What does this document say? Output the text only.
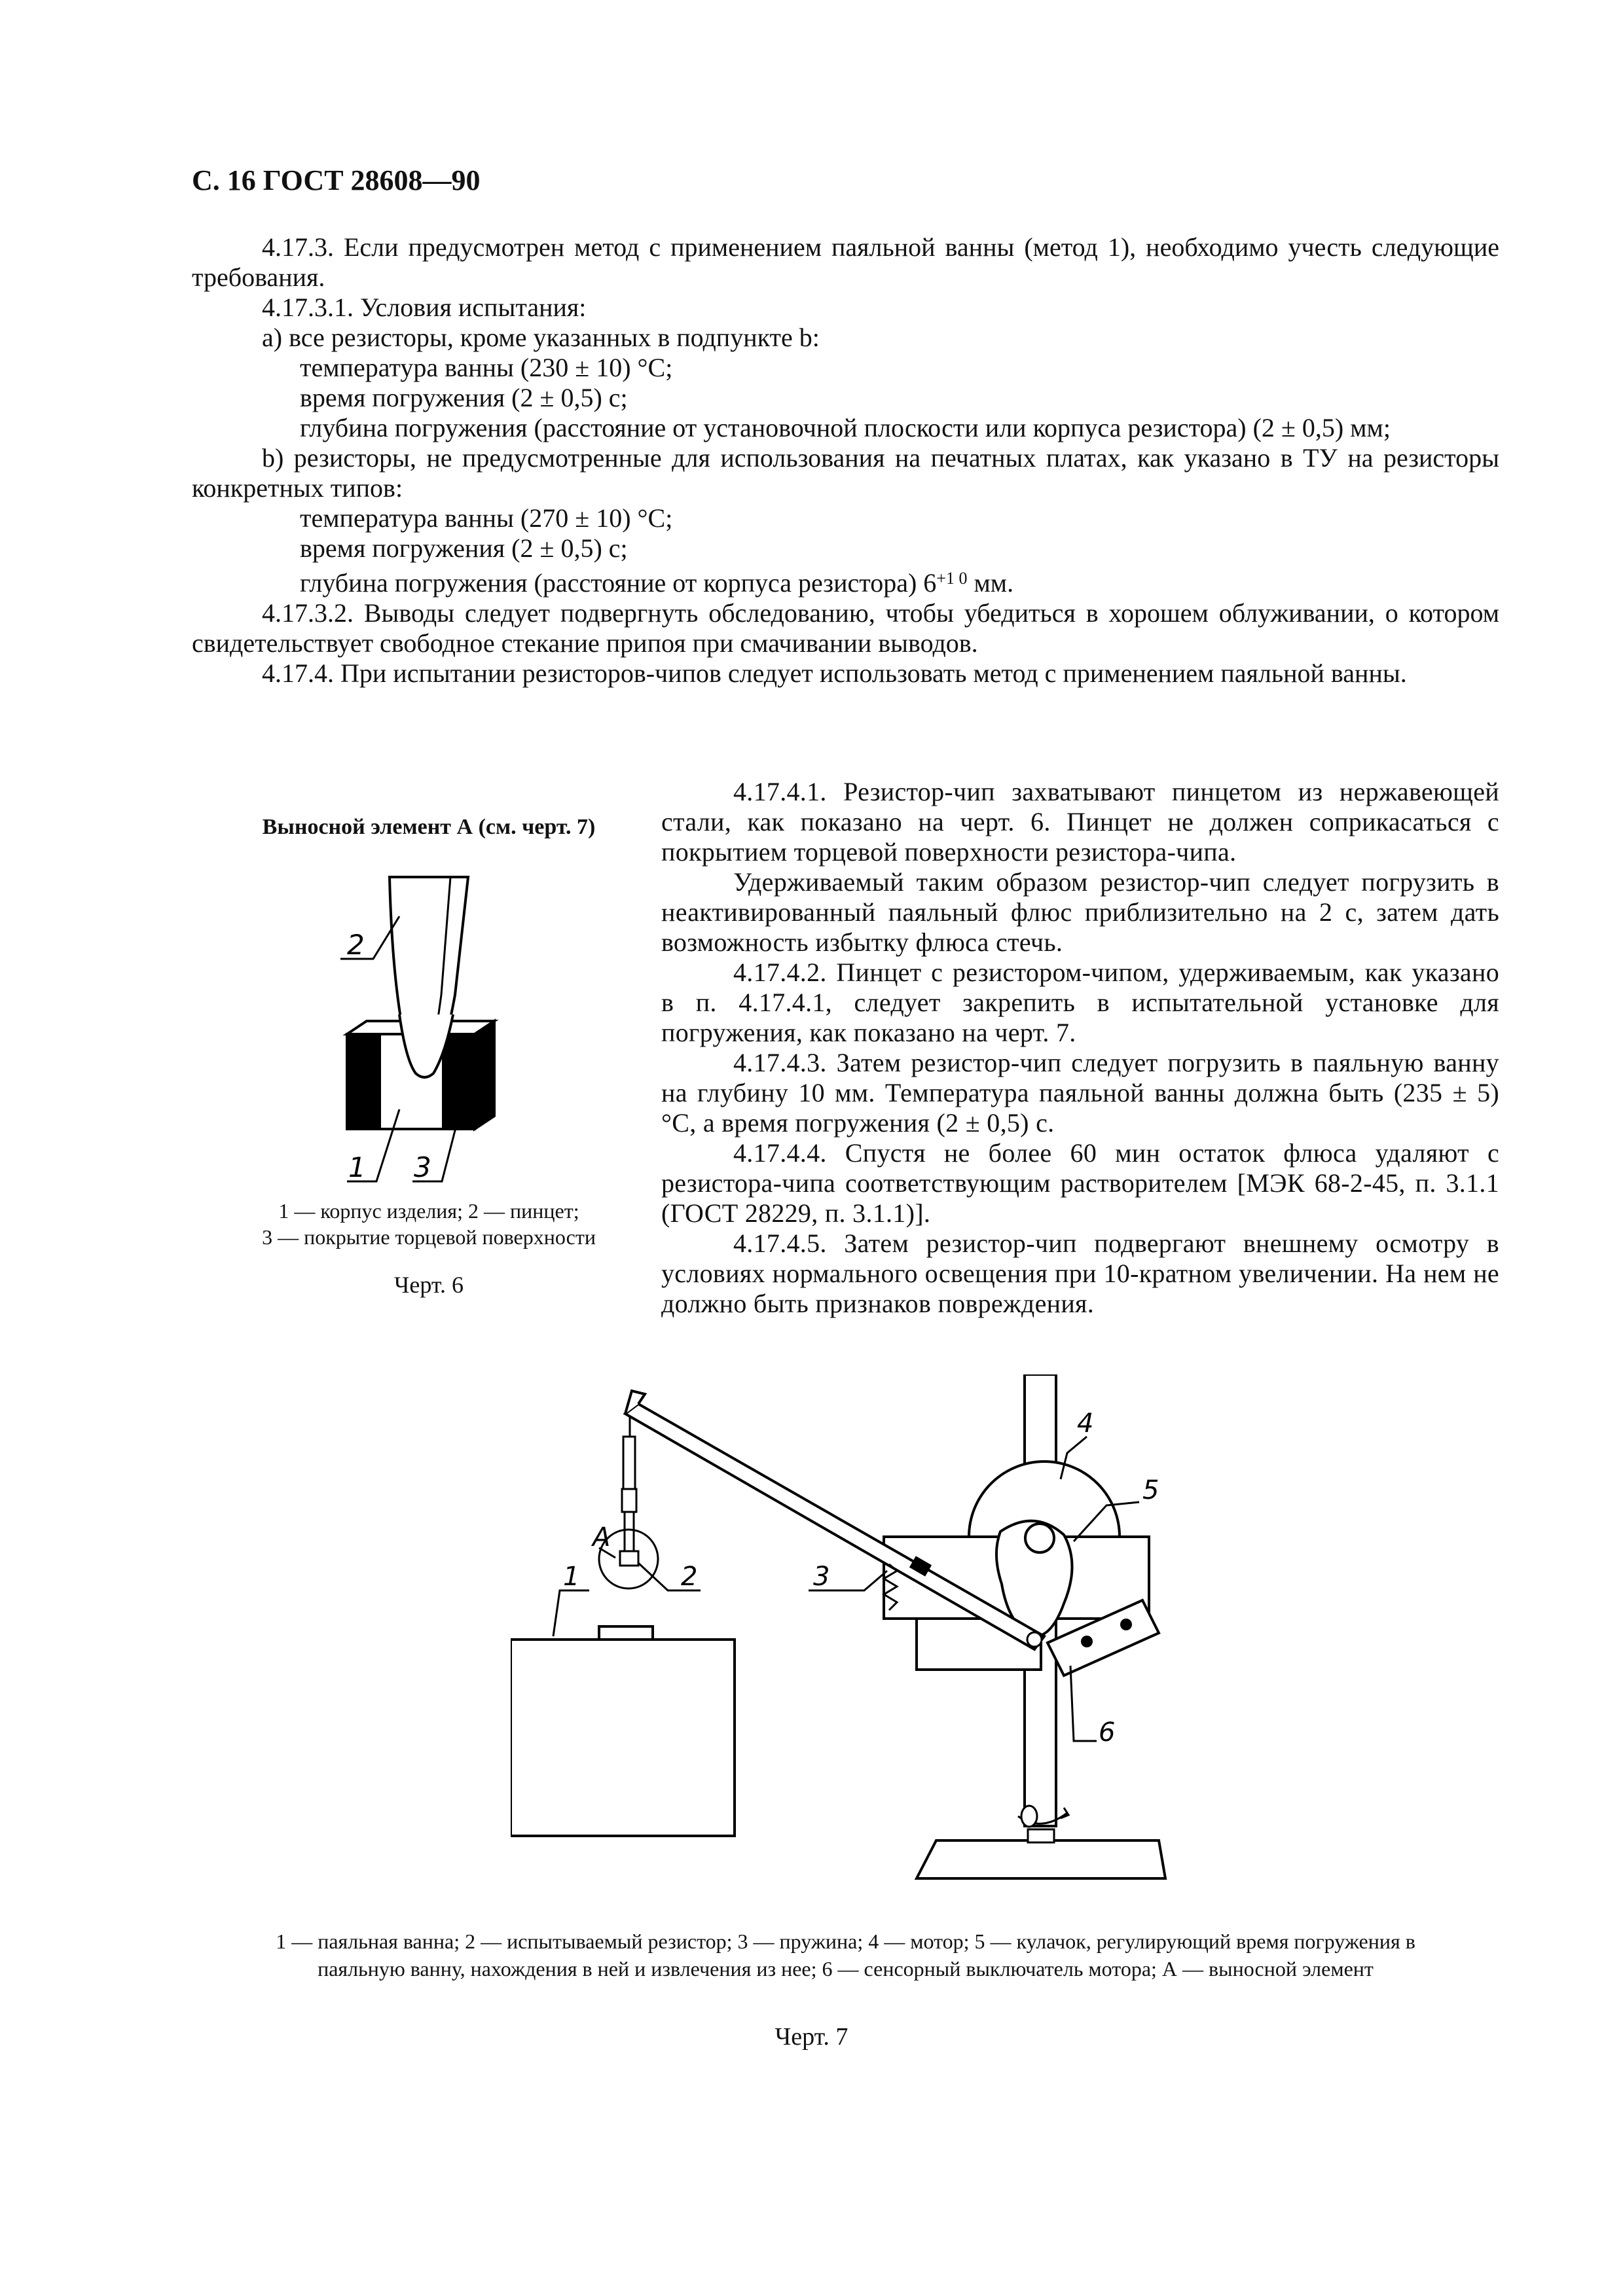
С. 16 ГОСТ 28608—90

4.17.3. Если предусмотрен метод с применением паяльной ванны (метод 1), необходимо учесть следующие требования.

4.17.3.1. Условия испытания:

а) все резисторы, кроме указанных в подпункте b:

температура ванны (230 ± 10) °C;

время погружения (2 ± 0,5) с;

глубина погружения (расстояние от установочной плоскости или корпуса резистора) (2 ± 0,5) мм;

b) резисторы, не предусмотренные для использования на печатных платах, как указано в ТУ на резисторы конкретных типов:

температура ванны (270 ± 10) °C;

время погружения (2 ± 0,5) с;

глубина погружения (расстояние от корпуса резистора) $6^{+1 0}$ мм.

4.17.3.2. Выводы следует подвергнуть обследованию, чтобы убедиться в хорошем облуживании, о котором свидетельствует свободное стекание припоя при смачивании выводов.

4.17.4. При испытании резисторов-чипов следует использовать метод с применением паяльной ванны.

4.17.4.1. Резистор-чип захватывают пинцетом из нержавеющей стали, как показано на черт. 6. Пинцет не должен соприкасаться с покрытием торцевой поверхности резистора-чипа.

Удерживаемый таким образом резистор-чип следует погрузить в неактивированный паяльный флюс приблизительно на 2 с, затем дать возможность избытку флюса стечь.

4.17.4.2. Пинцет с резистором-чипом, удерживаемым, как указано в п. 4.17.4.1, следует закрепить в испытательной установке для погружения, как показано на черт. 7.

4.17.4.3. Затем резистор-чип следует погрузить в паяльную ванну на глубину 10 мм. Температура паяльной ванны должна быть (235 ± 5) °C, а время погружения (2 ± 0,5) с.

4.17.4.4. Спустя не более 60 мин остаток флюса удаляют с резистора-чипа соответствующим растворителем [МЭК 68-2-45, п. 3.1.1 (ГОСТ 28229, п. 3.1.1)].

4.17.4.5. Затем резистор-чип подвергают внешнему осмотру в условиях нормального освещения при 10-кратном увеличении. На нем не должно быть признаков повреждения.

Выносной элемент А (см. черт. 7)
2
1 3
1 — корпус изделия; 2 — пинцет;
3 — покрытие торцевой поверхности
Черт. 6
A
1	2	3
4
5
6
1 — паяльная ванна; 2 — испытываемый резистор; 3 — пружина; 4 — мотор; 5 — кулачок, регулирующий время погружения в
паяльную ванну, нахождения в ней и извлечения из нее; 6 — сенсорный выключатель мотора; А — выносной элемент
Черт. 7
